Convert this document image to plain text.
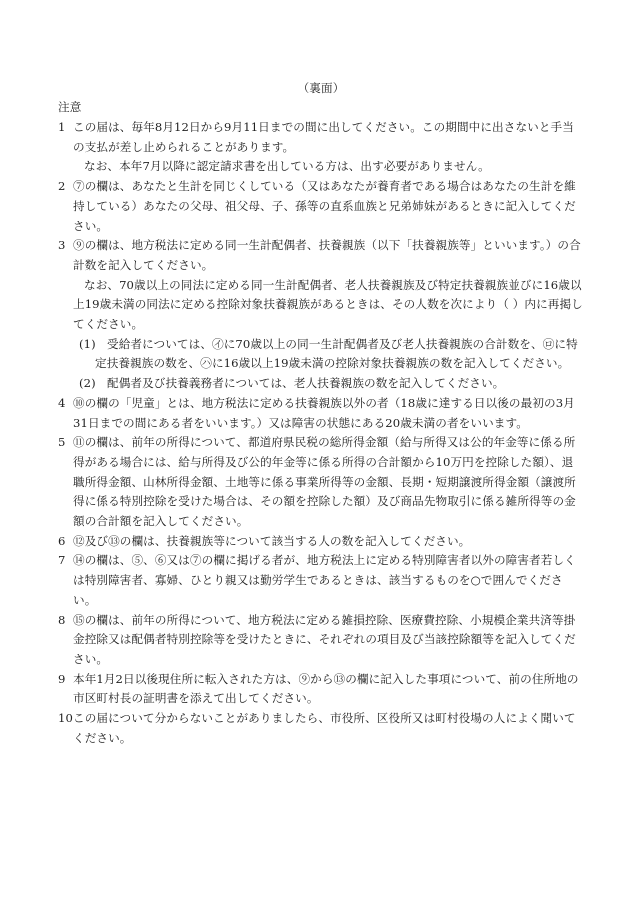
（裏面）
注意
1 この届は、毎年8月12日から9月11日までの間に出してください。この期間中に出さないと手当の支払が差し止められることがあります。
なお、本年7月以降に認定請求書を出している方は、出す必要がありません。
2 ⑦の欄は、あなたと生計を同じくしている（又はあなたが養育者である場合はあなたの生計を維持している）あなたの父母、祖父母、子、孫等の直系血族と兄弟姉妹があるときに記入してください。
3 ⑨の欄は、地方税法に定める同一生計配偶者、扶養親族（以下「扶養親族等」といいます。）の合計数を記入してください。
なお、70歳以上の同法に定める同一生計配偶者、老人扶養親族及び特定扶養親族並びに16歳以上19歳未満の同法に定める控除対象扶養親族があるときは、その人数を次により（ ）内に再掲してください。
(1) 受給者については、㋑に70歳以上の同一生計配偶者及び老人扶養親族の合計数を、㋺に特定扶養親族の数を、㋩に16歳以上19歳未満の控除対象扶養親族の数を記入してください。
(2) 配偶者及び扶養義務者については、老人扶養親族の数を記入してください。
4 ⑩の欄の「児童」とは、地方税法に定める扶養親族以外の者（18歳に達する日以後の最初の3月31日までの間にある者をいいます。）又は障害の状態にある20歳未満の者をいいます。
5 ⑪の欄は、前年の所得について、都道府県民税の総所得金額（給与所得又は公的年金等に係る所得がある場合には、給与所得及び公的年金等に係る所得の合計額から10万円を控除した額）、退職所得金額、山林所得金額、土地等に係る事業所得等の金額、長期・短期譲渡所得金額（譲渡所得に係る特別控除を受けた場合は、その額を控除した額）及び商品先物取引に係る雑所得等の金額の合計額を記入してください。
6 ⑫及び⑬の欄は、扶養親族等について該当する人の数を記入してください。
7 ⑭の欄は、⑤、⑥又は⑦の欄に掲げる者が、地方税法上に定める特別障害者以外の障害者若しくは特別障害者、寡婦、ひとり親又は勤労学生であるときは、該当するものを○で囲んでください。
8 ⑮の欄は、前年の所得について、地方税法に定める雑損控除、医療費控除、小規模企業共済等掛金控除又は配偶者特別控除等を受けたときに、それぞれの項目及び当該控除額等を記入してください。
9 本年1月2日以後現住所に転入された方は、⑨から⑬の欄に記入した事項について、前の住所地の市区町村長の証明書を添えて出してください。
10この届について分からないことがありましたら、市役所、区役所又は町村役場の人によく聞いてください。
